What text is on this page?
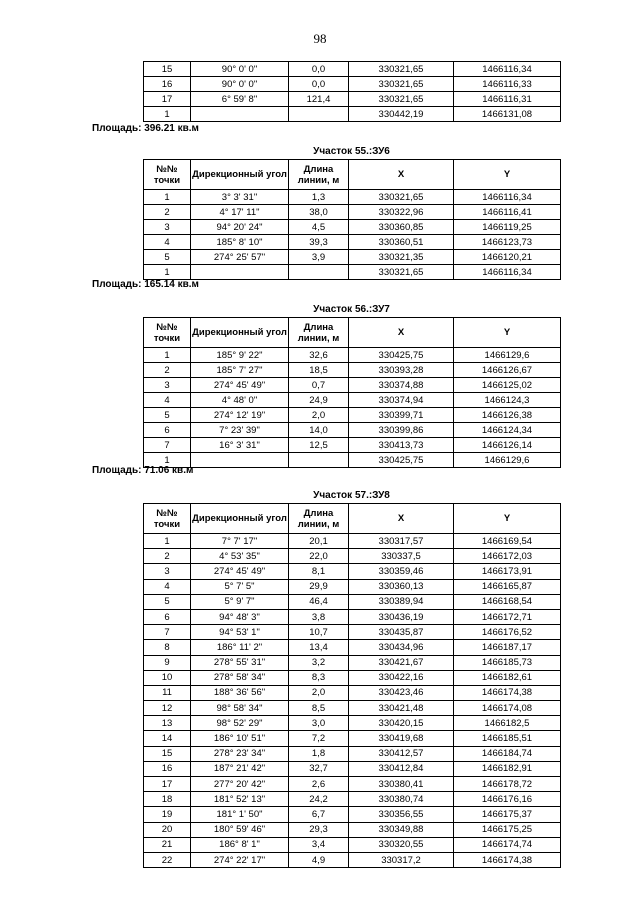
98
15	90° 0' 0"	0,0	330321,65	1466116,34
16	90° 0' 0"	0,0	330321,65	1466116,33
17	6° 59' 8"	121,4	330321,65	1466116,31
1			330442,19	1466131,08
Площадь: 396.21 кв.м
Участок 55.:ЗУ6
№№ точки	Дирекционный угол	Длина линии, м	X	Y
1	3° 3' 31"	1,3	330321,65	1466116,34
2	4° 17' 11"	38,0	330322,96	1466116,41
3	94° 20' 24"	4,5	330360,85	1466119,25
4	185° 8' 10"	39,3	330360,51	1466123,73
5	274° 25' 57"	3,9	330321,35	1466120,21
1			330321,65	1466116,34
Площадь: 165.14 кв.м
Участок 56.:ЗУ7
№№ точки	Дирекционный угол	Длина линии, м	X	Y
1	185° 9' 22"	32,6	330425,75	1466129,6
2	185° 7' 27"	18,5	330393,28	1466126,67
3	274° 45' 49"	0,7	330374,88	1466125,02
4	4° 48' 0"	24,9	330374,94	1466124,3
5	274° 12' 19"	2,0	330399,71	1466126,38
6	7° 23' 39"	14,0	330399,86	1466124,34
7	16° 3' 31"	12,5	330413,73	1466126,14
1			330425,75	1466129,6
Площадь: 71.06 кв.м
Участок 57.:ЗУ8
№№ точки	Дирекционный угол	Длина линии, м	X	Y
1	7° 7' 17"	20,1	330317,57	1466169,54
2	4° 53' 35"	22,0	330337,5	1466172,03
3	274° 45' 49"	8,1	330359,46	1466173,91
4	5° 7' 5"	29,9	330360,13	1466165,87
5	5° 9' 7"	46,4	330389,94	1466168,54
6	94° 48' 3"	3,8	330436,19	1466172,71
7	94° 53' 1"	10,7	330435,87	1466176,52
8	186° 11' 2"	13,4	330434,96	1466187,17
9	278° 55' 31"	3,2	330421,67	1466185,73
10	278° 58' 34"	8,3	330422,16	1466182,61
11	188° 36' 56"	2,0	330423,46	1466174,38
12	98° 58' 34"	8,5	330421,48	1466174,08
13	98° 52' 29"	3,0	330420,15	1466182,5
14	186° 10' 51"	7,2	330419,68	1466185,51
15	278° 23' 34"	1,8	330412,57	1466184,74
16	187° 21' 42"	32,7	330412,84	1466182,91
17	277° 20' 42"	2,6	330380,41	1466178,72
18	181° 52' 13"	24,2	330380,74	1466176,16
19	181° 1' 50"	6,7	330356,55	1466175,37
20	180° 59' 46"	29,3	330349,88	1466175,25
21	186° 8' 1"	3,4	330320,55	1466174,74
22	274° 22' 17"	4,9	330317,2	1466174,38
